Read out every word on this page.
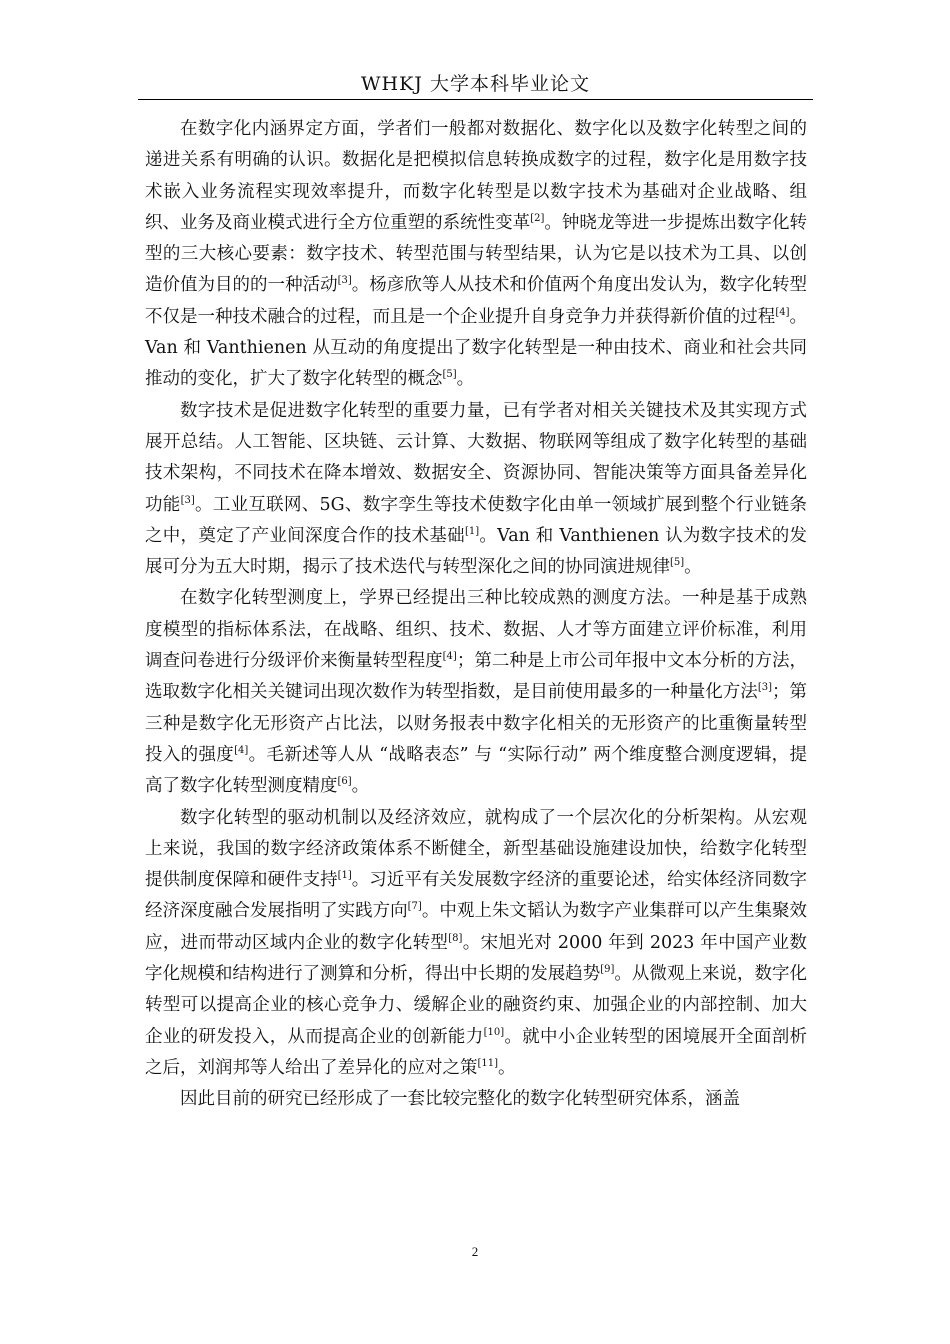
WHKJ 大学本科毕业论文

在数字化内涵界定方面，学者们一般都对数据化、数字化以及数字化转型之间的递进关系有明确的认识。数据化是把模拟信息转换成数字的过程，数字化是用数字技术嵌入业务流程实现效率提升，而数字化转型是以数字技术为基础对企业战略、组织、业务及商业模式进行全方位重塑的系统性变革[2]。钟晓龙等进一步提炼出数字化转型的三大核心要素：数字技术、转型范围与转型结果，认为它是以技术为工具、以创造价值为目的的一种活动[3]。杨彦欣等人从技术和价值两个角度出发认为，数字化转型不仅是一种技术融合的过程，而且是一个企业提升自身竞争力并获得新价值的过程[4]。Van 和 Vanthienen 从互动的角度提出了数字化转型是一种由技术、商业和社会共同推动的变化，扩大了数字化转型的概念[5]。

数字技术是促进数字化转型的重要力量，已有学者对相关关键技术及其实现方式展开总结。人工智能、区块链、云计算、大数据、物联网等组成了数字化转型的基础技术架构，不同技术在降本增效、数据安全、资源协同、智能决策等方面具备差异化功能[3]。工业互联网、5G、数字孪生等技术使数字化由单一领域扩展到整个行业链条之中，奠定了产业间深度合作的技术基础[1]。Van 和 Vanthienen 认为数字技术的发展可分为五大时期，揭示了技术迭代与转型深化之间的协同演进规律[5]。

在数字化转型测度上，学界已经提出三种比较成熟的测度方法。一种是基于成熟度模型的指标体系法，在战略、组织、技术、数据、人才等方面建立评价标准，利用调查问卷进行分级评价来衡量转型程度[4]；第二种是上市公司年报中文本分析的方法，选取数字化相关关键词出现次数作为转型指数，是目前使用最多的一种量化方法[3]；第三种是数字化无形资产占比法，以财务报表中数字化相关的无形资产的比重衡量转型投入的强度[4]。毛新述等人从 “战略表态” 与 “实际行动” 两个维度整合测度逻辑，提高了数字化转型测度精度[6]。

数字化转型的驱动机制以及经济效应，就构成了一个层次化的分析架构。从宏观上来说，我国的数字经济政策体系不断健全，新型基础设施建设加快，给数字化转型提供制度保障和硬件支持[1]。习近平有关发展数字经济的重要论述，给实体经济同数字经济深度融合发展指明了实践方向[7]。中观上朱文韬认为数字产业集群可以产生集聚效应，进而带动区域内企业的数字化转型[8]。宋旭光对 2000 年到 2023 年中国产业数字化规模和结构进行了测算和分析，得出中长期的发展趋势[9]。从微观上来说，数字化转型可以提高企业的核心竞争力、缓解企业的融资约束、加强企业的内部控制、加大企业的研发投入，从而提高企业的创新能力[10]。就中小企业转型的困境展开全面剖析之后，刘润邦等人给出了差异化的应对之策[11]。

因此目前的研究已经形成了一套比较完整化的数字化转型研究体系，涵盖

2
